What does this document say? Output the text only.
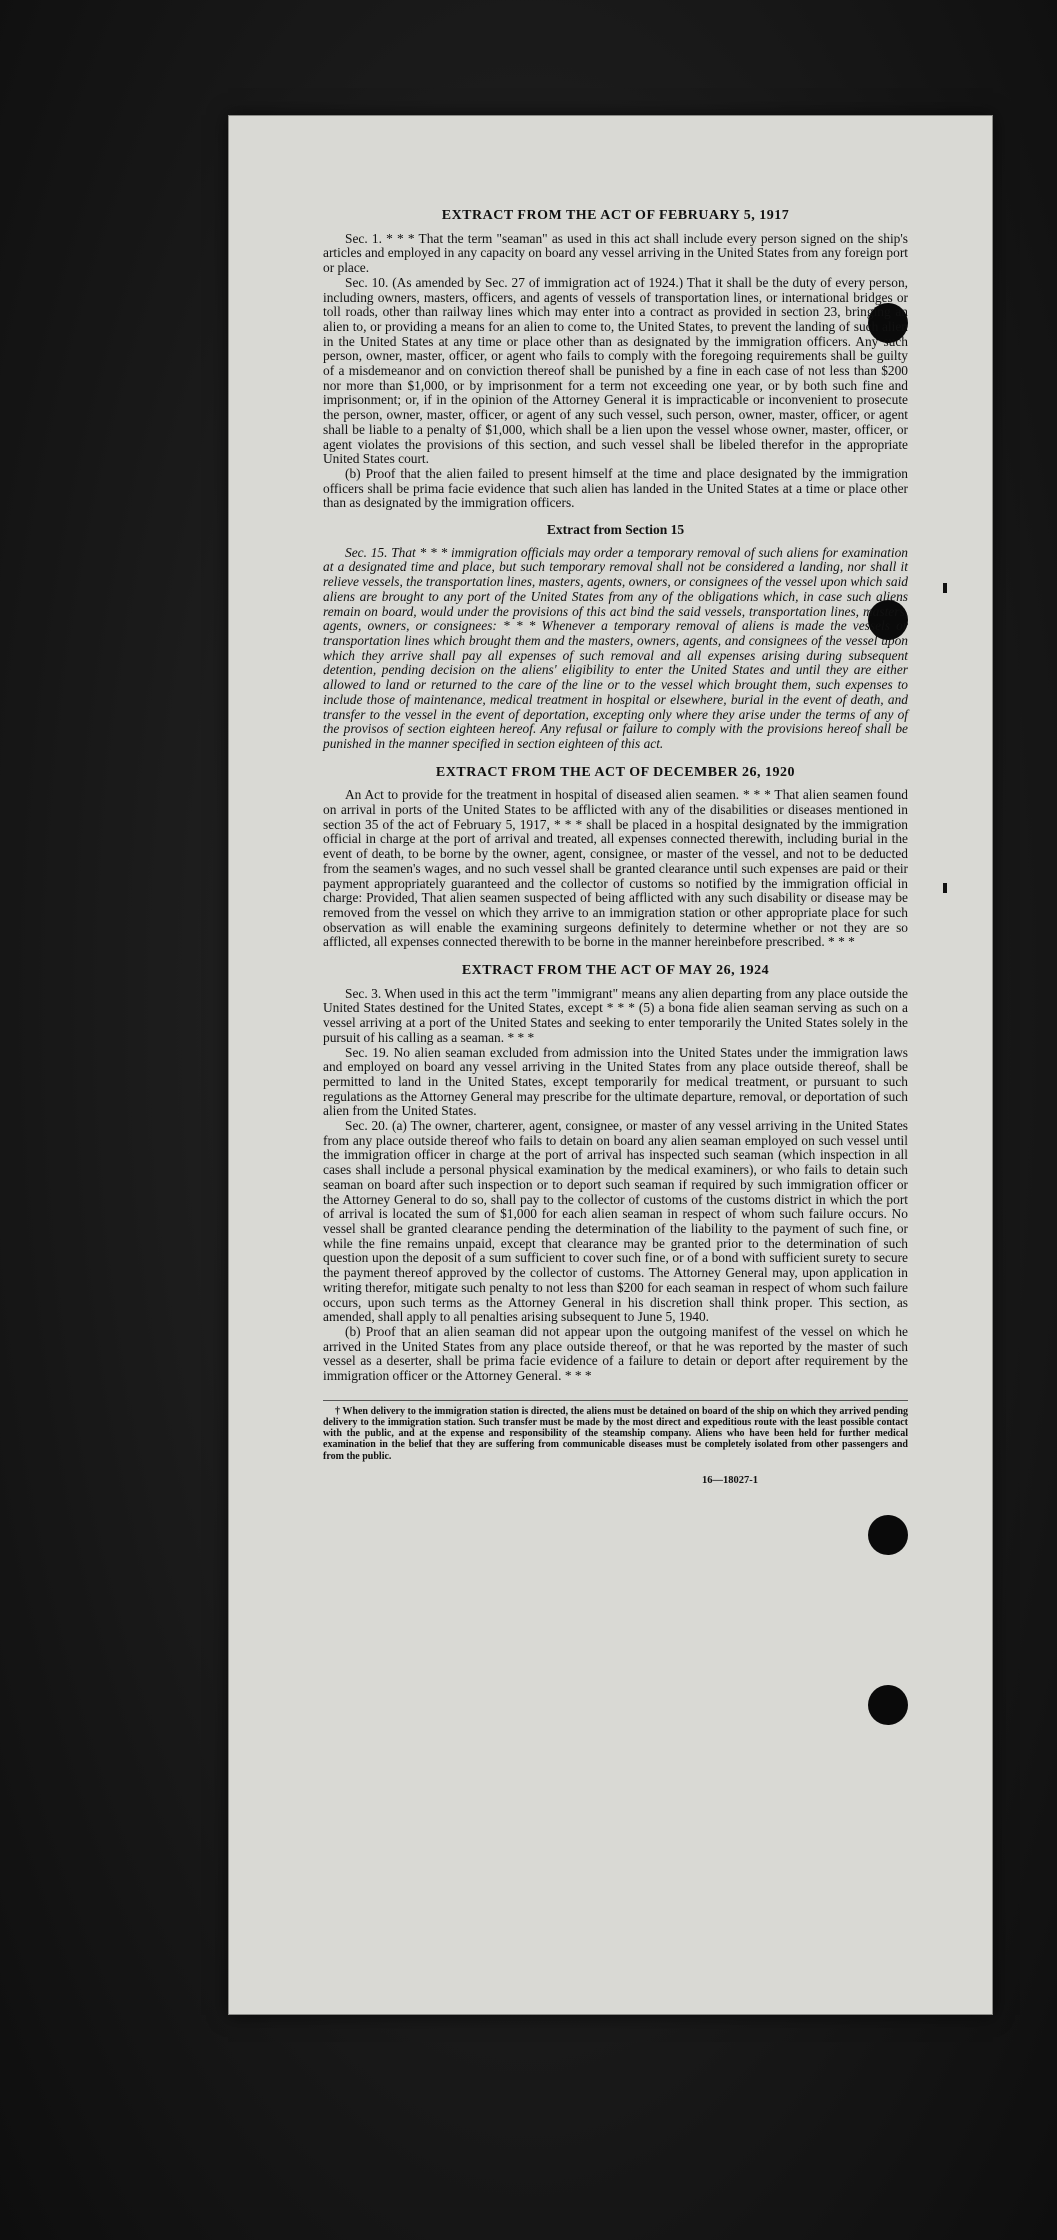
EXTRACT FROM THE ACT OF FEBRUARY 5, 1917

Sec. 1. * * * That the term "seaman" as used in this act shall include every person signed on the ship's articles and employed in any capacity on board any vessel arriving in the United States from any foreign port or place.

Sec. 10. (As amended by Sec. 27 of immigration act of 1924.) That it shall be the duty of every person, including owners, masters, officers, and agents of vessels of transportation lines, or international bridges or toll roads, other than railway lines which may enter into a contract as provided in section 23, bringing an alien to, or providing a means for an alien to come to, the United States, to prevent the landing of such alien in the United States at any time or place other than as designated by the immigration officers. Any such person, owner, master, officer, or agent who fails to comply with the foregoing requirements shall be guilty of a misdemeanor and on conviction thereof shall be punished by a fine in each case of not less than $200 nor more than $1,000, or by imprisonment for a term not exceeding one year, or by both such fine and imprisonment; or, if in the opinion of the Attorney General it is impracticable or inconvenient to prosecute the person, owner, master, officer, or agent of any such vessel, such person, owner, master, officer, or agent shall be liable to a penalty of $1,000, which shall be a lien upon the vessel whose owner, master, officer, or agent violates the provisions of this section, and such vessel shall be libeled therefor in the appropriate United States court.

(b) Proof that the alien failed to present himself at the time and place designated by the immigration officers shall be prima facie evidence that such alien has landed in the United States at a time or place other than as designated by the immigration officers.

Extract from Section 15

Sec. 15. That * * * immigration officials may order a temporary removal of such aliens for examination at a designated time and place, but such temporary removal shall not be considered a landing, nor shall it relieve vessels, the transportation lines, masters, agents, owners, or consignees of the vessel upon which said aliens are brought to any port of the United States from any of the obligations which, in case such aliens remain on board, would under the provisions of this act bind the said vessels, transportation lines, masters, agents, owners, or consignees: * * * Whenever a temporary removal of aliens is made the vessels or transportation lines which brought them and the masters, owners, agents, and consignees of the vessel upon which they arrive shall pay all expenses of such removal and all expenses arising during subsequent detention, pending decision on the aliens' eligibility to enter the United States and until they are either allowed to land or returned to the care of the line or to the vessel which brought them, such expenses to include those of maintenance, medical treatment in hospital or elsewhere, burial in the event of death, and transfer to the vessel in the event of deportation, excepting only where they arise under the terms of any of the provisos of section eighteen hereof. Any refusal or failure to comply with the provisions hereof shall be punished in the manner specified in section eighteen of this act.

EXTRACT FROM THE ACT OF DECEMBER 26, 1920

An Act to provide for the treatment in hospital of diseased alien seamen. * * * That alien seamen found on arrival in ports of the United States to be afflicted with any of the disabilities or diseases mentioned in section 35 of the act of February 5, 1917, * * * shall be placed in a hospital designated by the immigration official in charge at the port of arrival and treated, all expenses connected therewith, including burial in the event of death, to be borne by the owner, agent, consignee, or master of the vessel, and not to be deducted from the seamen's wages, and no such vessel shall be granted clearance until such expenses are paid or their payment appropriately guaranteed and the collector of customs so notified by the immigration official in charge: Provided, That alien seamen suspected of being afflicted with any such disability or disease may be removed from the vessel on which they arrive to an immigration station or other appropriate place for such observation as will enable the examining surgeons definitely to determine whether or not they are so afflicted, all expenses connected therewith to be borne in the manner hereinbefore prescribed. * * *

EXTRACT FROM THE ACT OF MAY 26, 1924

Sec. 3. When used in this act the term "immigrant" means any alien departing from any place outside the United States destined for the United States, except * * * (5) a bona fide alien seaman serving as such on a vessel arriving at a port of the United States and seeking to enter temporarily the United States solely in the pursuit of his calling as a seaman. * * *

Sec. 19. No alien seaman excluded from admission into the United States under the immigration laws and employed on board any vessel arriving in the United States from any place outside thereof, shall be permitted to land in the United States, except temporarily for medical treatment, or pursuant to such regulations as the Attorney General may prescribe for the ultimate departure, removal, or deportation of such alien from the United States.

Sec. 20. (a) The owner, charterer, agent, consignee, or master of any vessel arriving in the United States from any place outside thereof who fails to detain on board any alien seaman employed on such vessel until the immigration officer in charge at the port of arrival has inspected such seaman (which inspection in all cases shall include a personal physical examination by the medical examiners), or who fails to detain such seaman on board after such inspection or to deport such seaman if required by such immigration officer or the Attorney General to do so, shall pay to the collector of customs of the customs district in which the port of arrival is located the sum of $1,000 for each alien seaman in respect of whom such failure occurs. No vessel shall be granted clearance pending the determination of the liability to the payment of such fine, or while the fine remains unpaid, except that clearance may be granted prior to the determination of such question upon the deposit of a sum sufficient to cover such fine, or of a bond with sufficient surety to secure the payment thereof approved by the collector of customs. The Attorney General may, upon application in writing therefor, mitigate such penalty to not less than $200 for each seaman in respect of whom such failure occurs, upon such terms as the Attorney General in his discretion shall think proper. This section, as amended, shall apply to all penalties arising subsequent to June 5, 1940.

(b) Proof that an alien seaman did not appear upon the outgoing manifest of the vessel on which he arrived in the United States from any place outside thereof, or that he was reported by the master of such vessel as a deserter, shall be prima facie evidence of a failure to detain or deport after requirement by the immigration officer or the Attorney General. * * *

† When delivery to the immigration station is directed, the aliens must be detained on board of the ship on which they arrived pending delivery to the immigration station. Such transfer must be made by the most direct and expeditious route with the least possible contact with the public, and at the expense and responsibility of the steamship company. Aliens who have been held for further medical examination in the belief that they are suffering from communicable diseases must be completely isolated from other passengers and from the public.

16—18027-1
